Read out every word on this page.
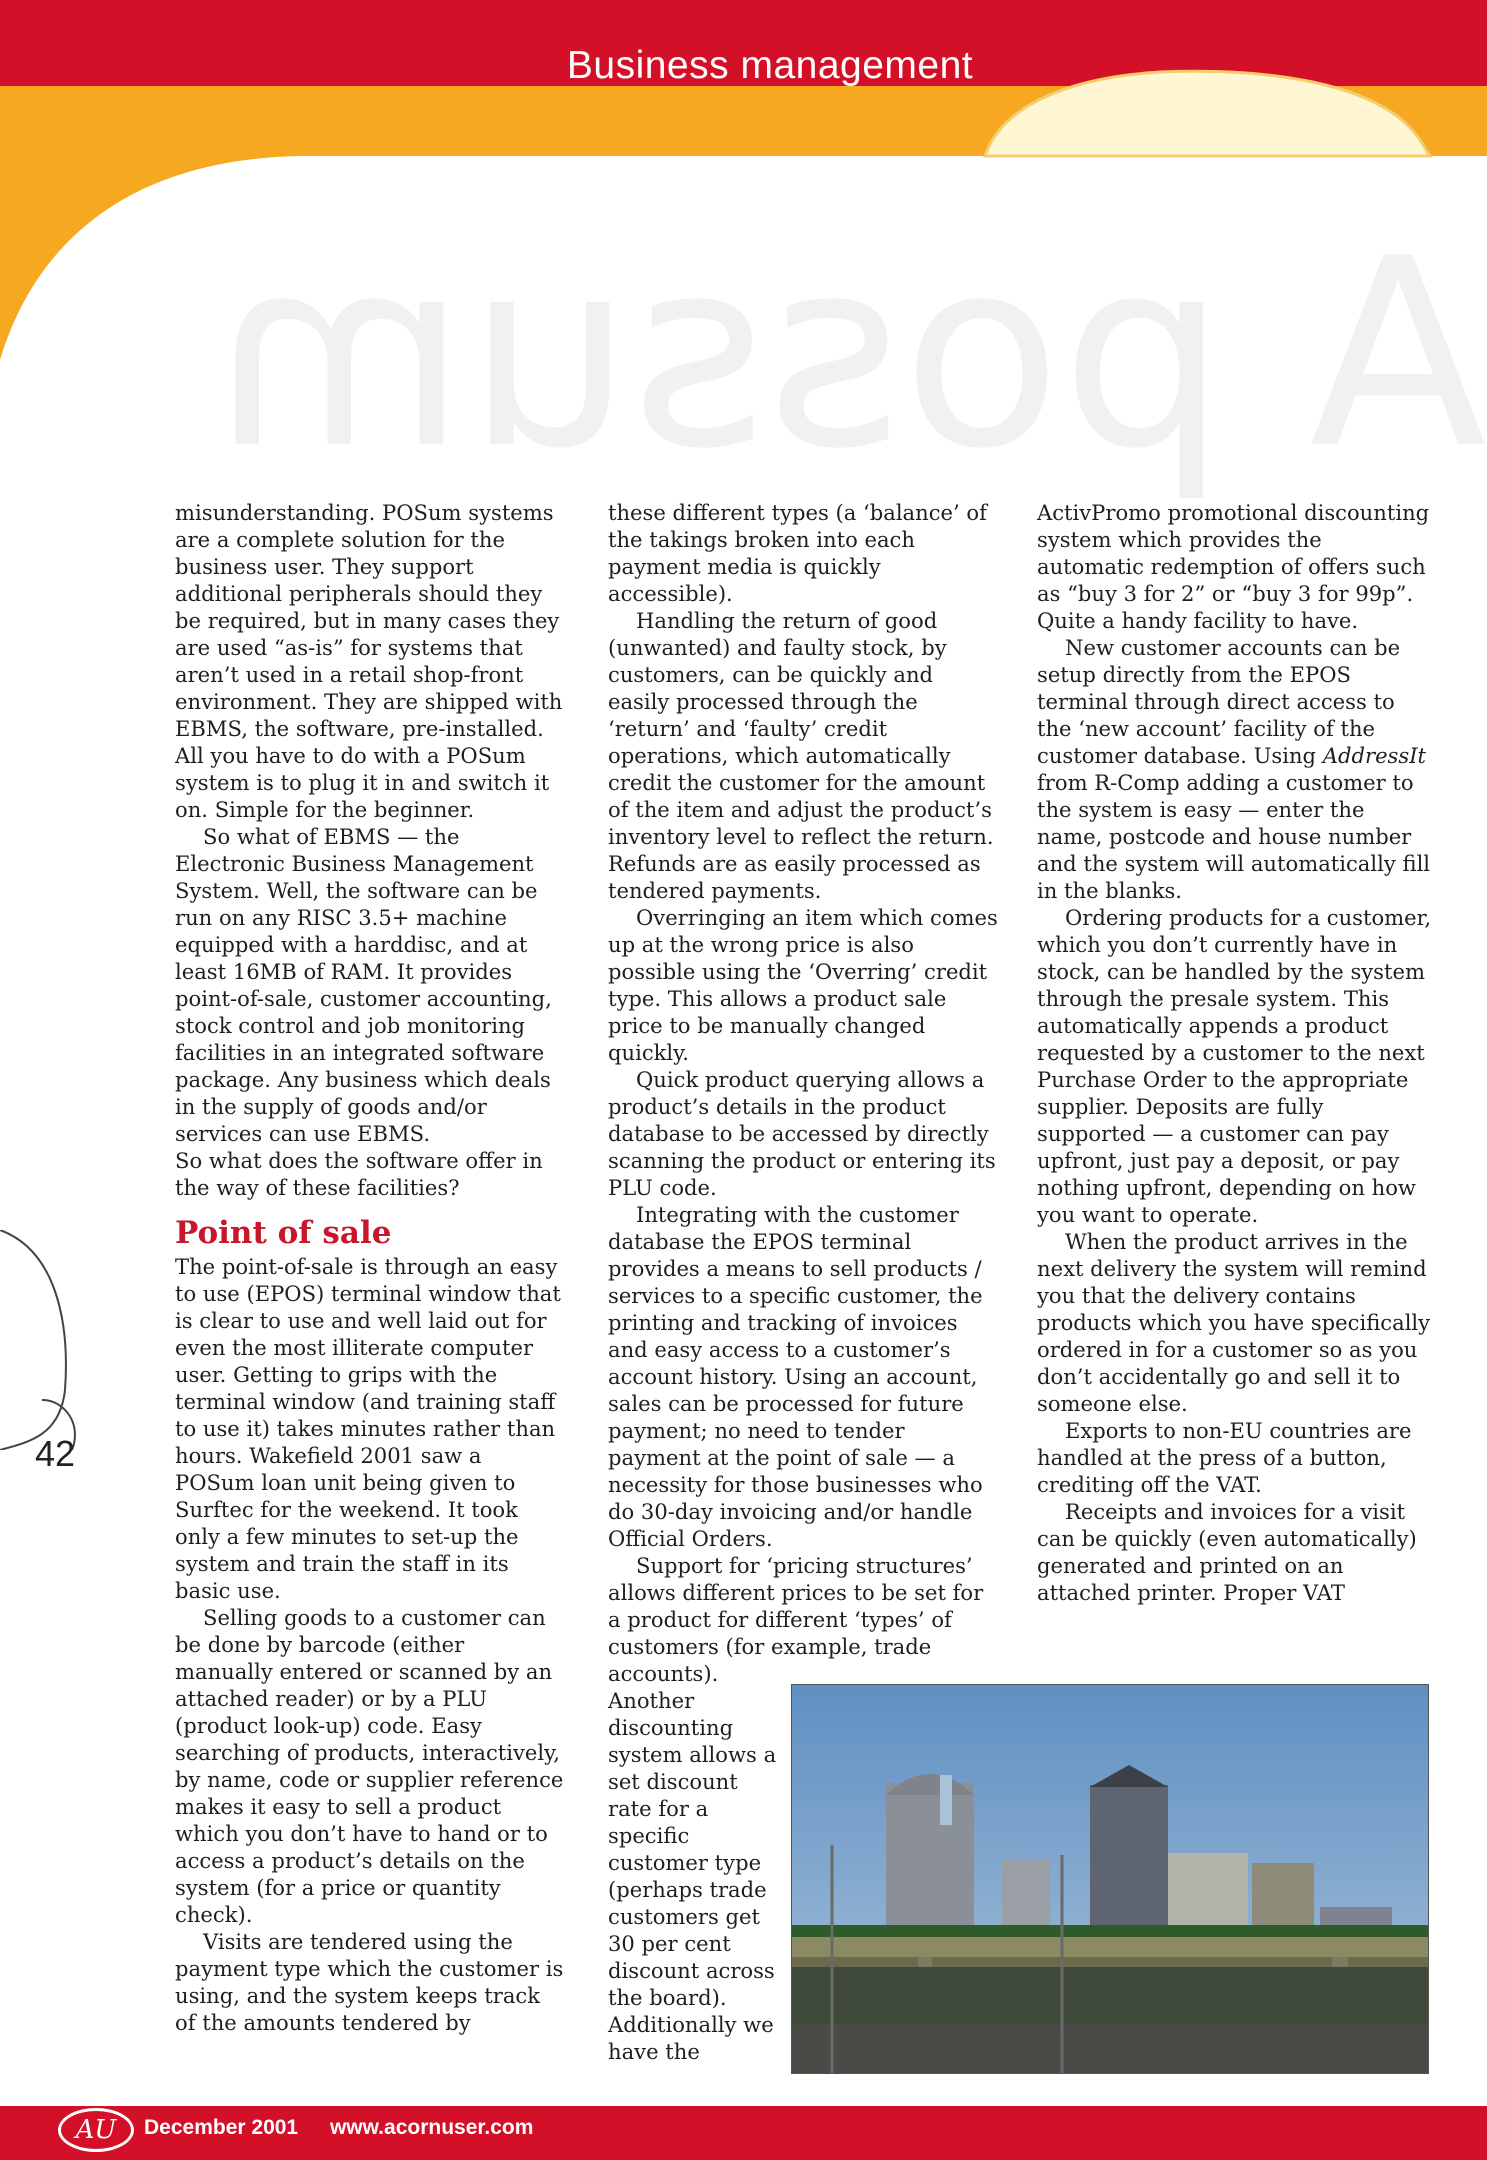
Business management
A possum

misunderstanding. POSum systems are a complete solution for the business user. They support additional peripherals should they be required, but in many cases they are used “as-is” for systems that aren’t used in a retail shop-front environment. They are shipped with EBMS, the software, pre-installed. All you have to do with a POSum system is to plug it in and switch it on. Simple for the beginner.

So what of EBMS — the Electronic Business Management System. Well, the software can be run on any RISC 3.5+ machine equipped with a harddisc, and at least 16MB of RAM. It provides point-of-sale, customer accounting, stock control and job monitoring facilities in an integrated software package. Any business which deals in the supply of goods and/or services can use EBMS.

So what does the software offer in the way of these facilities?

Point of sale

The point-of-sale is through an easy to use (EPOS) terminal window that is clear to use and well laid out for even the most illiterate computer user. Getting to grips with the terminal window (and training staff to use it) takes minutes rather than hours. Wakefield 2001 saw a POSum loan unit being given to Surftec for the weekend. It took only a few minutes to set-up the system and train the staff in its basic use.

Selling goods to a customer can be done by barcode (either manually entered or scanned by an attached reader) or by a PLU (product look-up) code. Easy searching of products, interactively, by name, code or supplier reference makes it easy to sell a product which you don’t have to hand or to access a product’s details on the system (for a price or quantity check).

Visits are tendered using the payment type which the customer is using, and the system keeps track of the amounts tendered by

these different types (a ‘balance’ of the takings broken into each payment media is quickly accessible).

Handling the return of good (unwanted) and faulty stock, by customers, can be quickly and easily processed through the ‘return’ and ‘faulty’ credit operations, which automatically credit the customer for the amount of the item and adjust the product’s inventory level to reflect the return. Refunds are as easily processed as tendered payments.

Overringing an item which comes up at the wrong price is also possible using the ‘Overring’ credit type. This allows a product sale price to be manually changed quickly.

Quick product querying allows a product’s details in the product database to be accessed by directly scanning the product or entering its PLU code.

Integrating with the customer database the EPOS terminal provides a means to sell products / services to a specific customer, the printing and tracking of invoices and easy access to a customer’s account history. Using an account, sales can be processed for future payment; no need to tender payment at the point of sale — a necessity for those businesses who do 30-day invoicing and/or handle Official Orders.

Support for ‘pricing structures’ allows different prices to be set for a product for different ‘types’ of customers (for example, trade accounts).

Another discounting system allows a set discount rate for a specific customer type (perhaps trade customers get 30 per cent discount across the board). Additionally we have the

ActivPromo promotional discounting system which provides the automatic redemption of offers such as “buy 3 for 2” or “buy 3 for 99p”. Quite a handy facility to have.

New customer accounts can be setup directly from the EPOS terminal through direct access to the ‘new account’ facility of the customer database. Using AddressIt from R-Comp adding a customer to the system is easy — enter the name, postcode and house number and the system will automatically fill in the blanks.

Ordering products for a customer, which you don’t currently have in stock, can be handled by the system through the presale system. This automatically appends a product requested by a customer to the next Purchase Order to the appropriate supplier. Deposits are fully supported — a customer can pay upfront, just pay a deposit, or pay nothing upfront, depending on how you want to operate.

When the product arrives in the next delivery the system will remind you that the delivery contains products which you have specifically ordered in for a customer so as you don’t accidentally go and sell it to someone else.

Exports to non-EU countries are handled at the press of a button, crediting off the VAT.

Receipts and invoices for a visit can be quickly (even automatically) generated and printed on an attached printer. Proper VAT

42
AU	December 2001 www.acornuser.com
